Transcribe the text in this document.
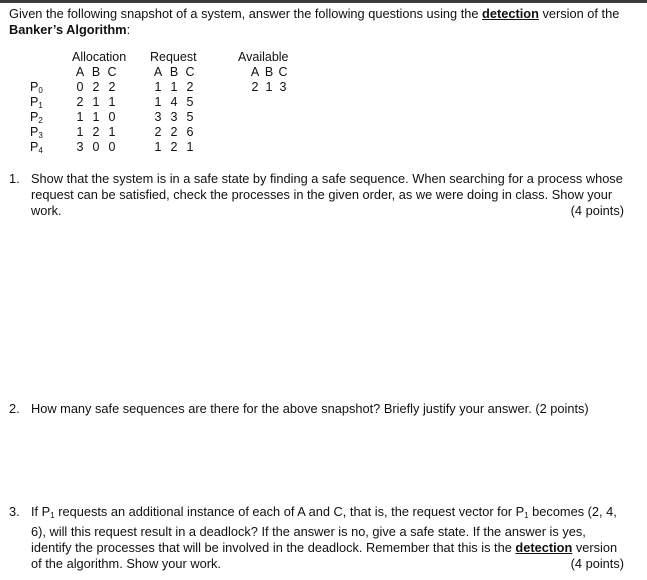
Given the following snapshot of a system, answer the following questions using the detection version of the Banker’s Algorithm:
$P_0$
$P_1$
$P_2$
$P_3$
$P_4$
Allocation
A B C
0 2 2
2 1 1
1 1 0
1 2 1
3 0 0
Request
A B C
1 1 2
1 4 5
3 3 5
2 2 6
1 2 1
Available
A B C
2 1 3
1. Show that the system is in a safe state by finding a safe sequence. When searching for a process whose request can be satisfied, check the processes in the given order, as we were doing in class. Show your work.	(4 points)
2. How many safe sequences are there for the above snapshot? Briefly justify your answer. (2 points)
3. If $P_1$ requests an additional instance of each of A and C, that is, the request vector for $P_1$ becomes (2, 4, 6), will this request result in a deadlock? If the answer is no, give a safe state. If the answer is yes, identify the processes that will be involved in the deadlock. Remember that this is the detection version of the algorithm. Show your work.	(4 points)
